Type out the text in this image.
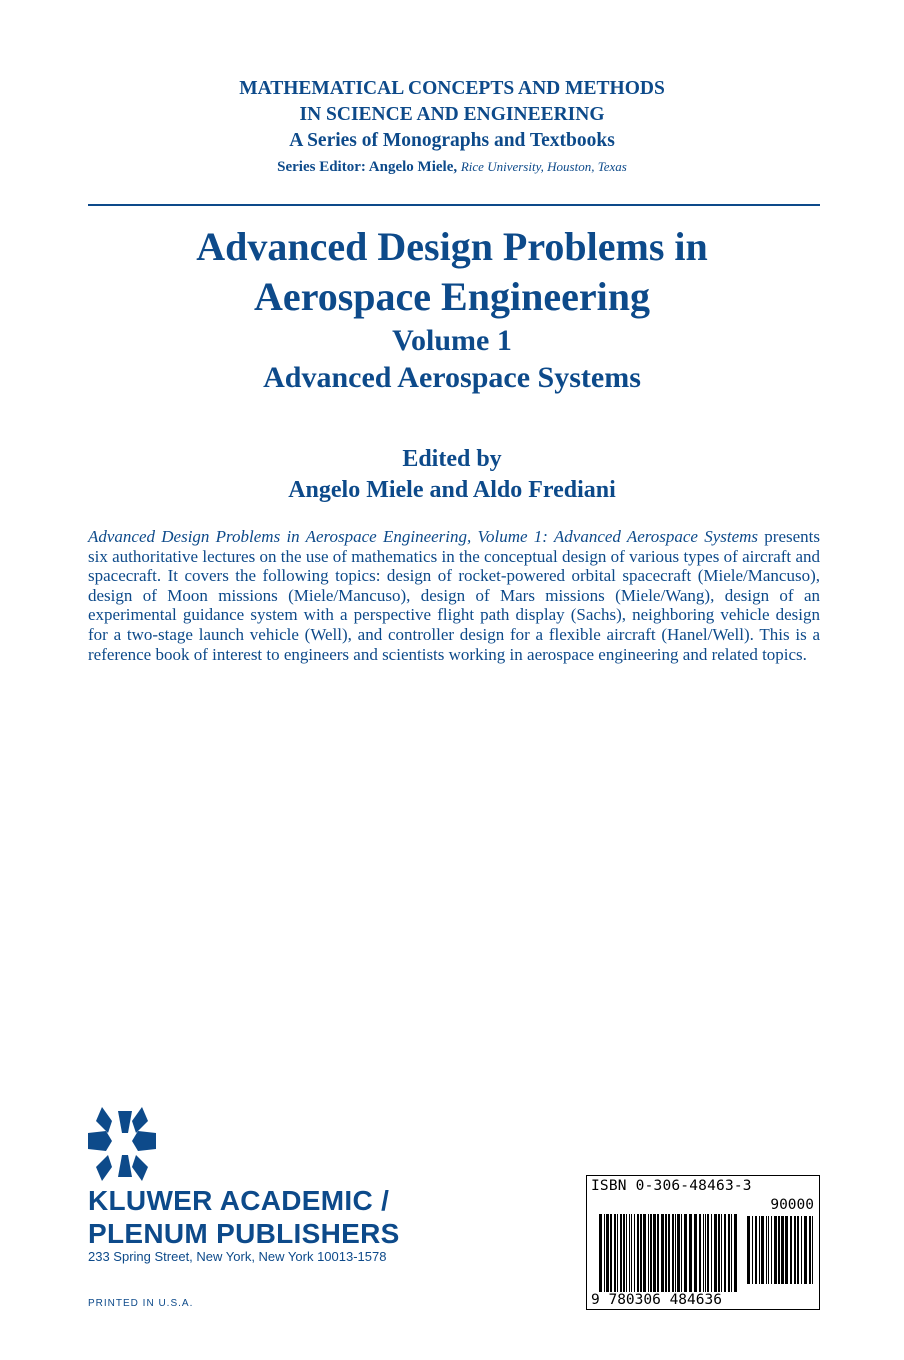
MATHEMATICAL CONCEPTS AND METHODS
IN SCIENCE AND ENGINEERING
A Series of Monographs and Textbooks
Series Editor: Angelo Miele, Rice University, Houston, Texas
Advanced Design Problems in
Aerospace Engineering
Volume 1
Advanced Aerospace Systems
Edited by
Angelo Miele and Aldo Frediani
Advanced Design Problems in Aerospace Engineering, Volume 1: Advanced Aerospace Systems presents six authoritative lectures on the use of mathematics in the conceptual design of various types of aircraft and spacecraft. It covers the following topics: design of rocket-powered orbital spacecraft (Miele/Mancuso), design of Moon missions (Miele/Mancuso), design of Mars missions (Miele/Wang), design of an experimental guidance system with a perspective flight path display (Sachs), neighboring vehicle design for a two-stage launch vehicle (Well), and controller design for a flexible aircraft (Hanel/Well). This is a reference book of interest to engineers and scientists working in aerospace engineering and related topics.
KLUWER ACADEMIC /
PLENUM PUBLISHERS
233 Spring Street, New York, New York 10013-1578
PRINTED IN U.S.A.
ISBN 0-306-48463-3
90000
9 780306 484636
